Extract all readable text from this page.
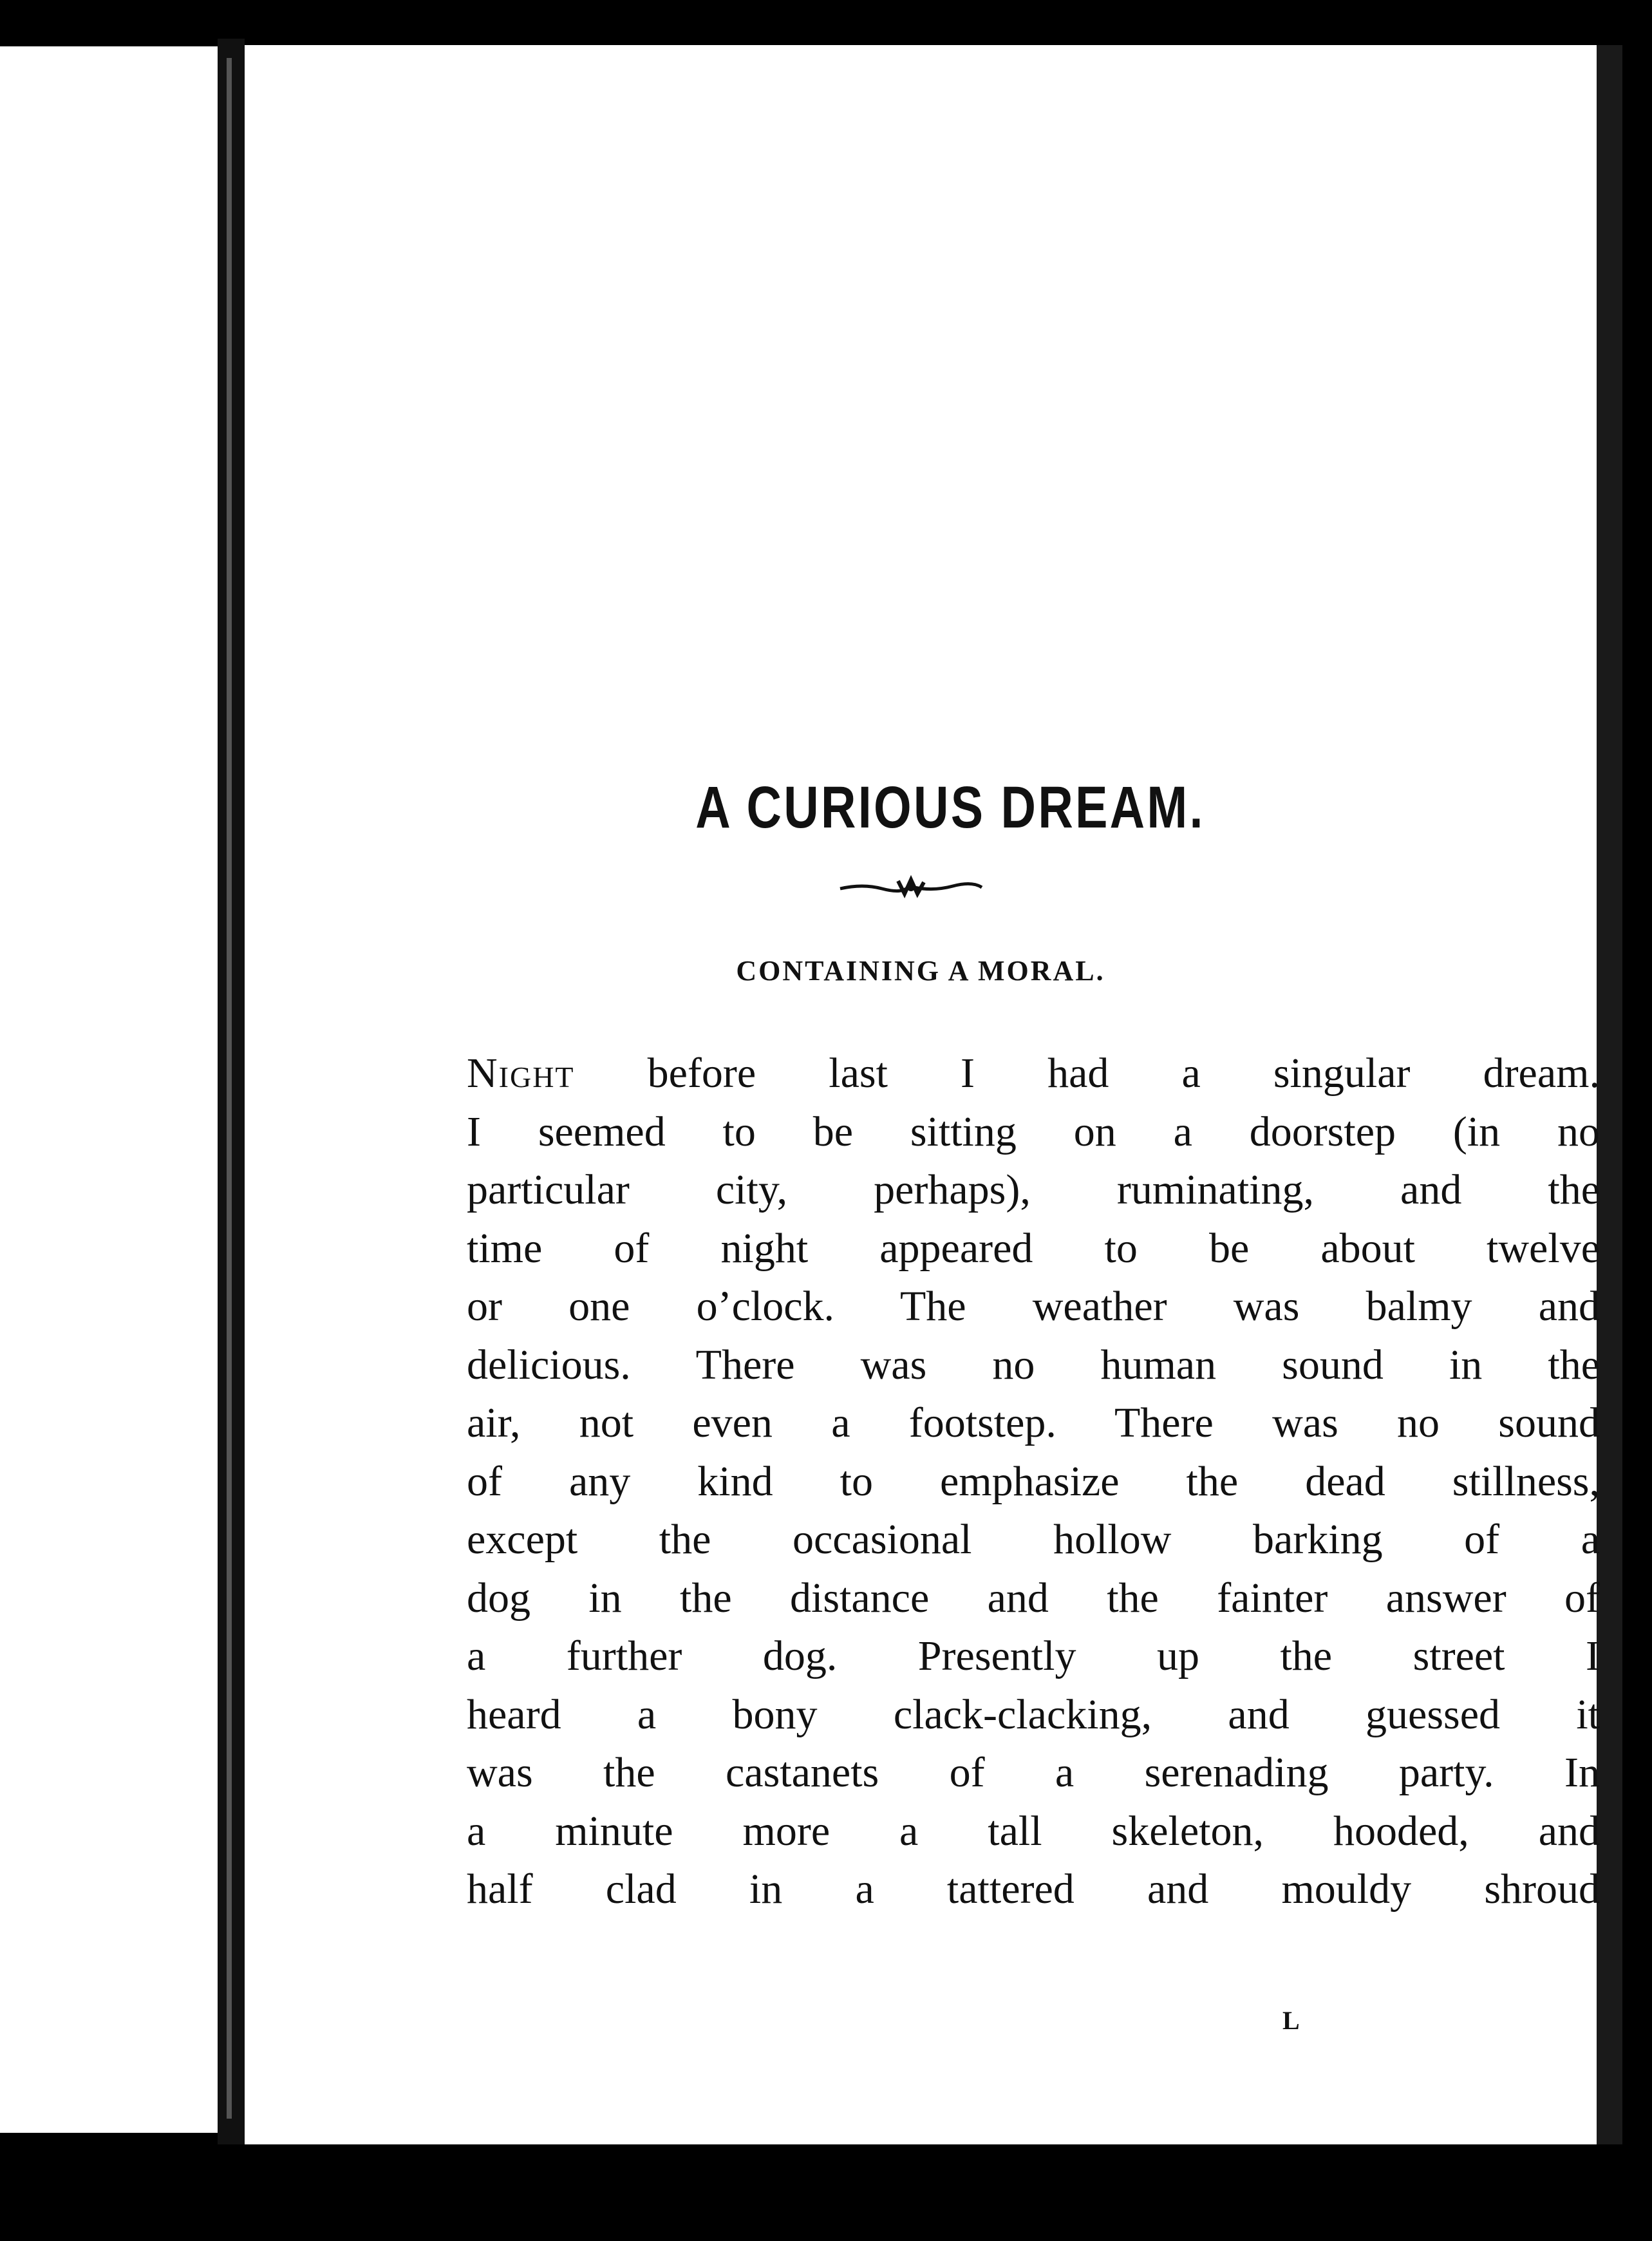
A CURIOUS DREAM.
CONTAINING A MORAL.
Night before last I had a singular dream.
I seemed to be sitting on a doorstep (in no
particular city, perhaps), ruminating, and the
time of night appeared to be about twelve
or one o’clock. The weather was balmy and
delicious. There was no human sound in the
air, not even a footstep. There was no sound
of any kind to emphasize the dead stillness,
except the occasional hollow barking of a
dog in the distance and the fainter answer of
a further dog. Presently up the street I
heard a bony clack-clacking, and guessed it
was the castanets of a serenading party. In
a minute more a tall skeleton, hooded, and
half clad in a tattered and mouldy shroud
L
